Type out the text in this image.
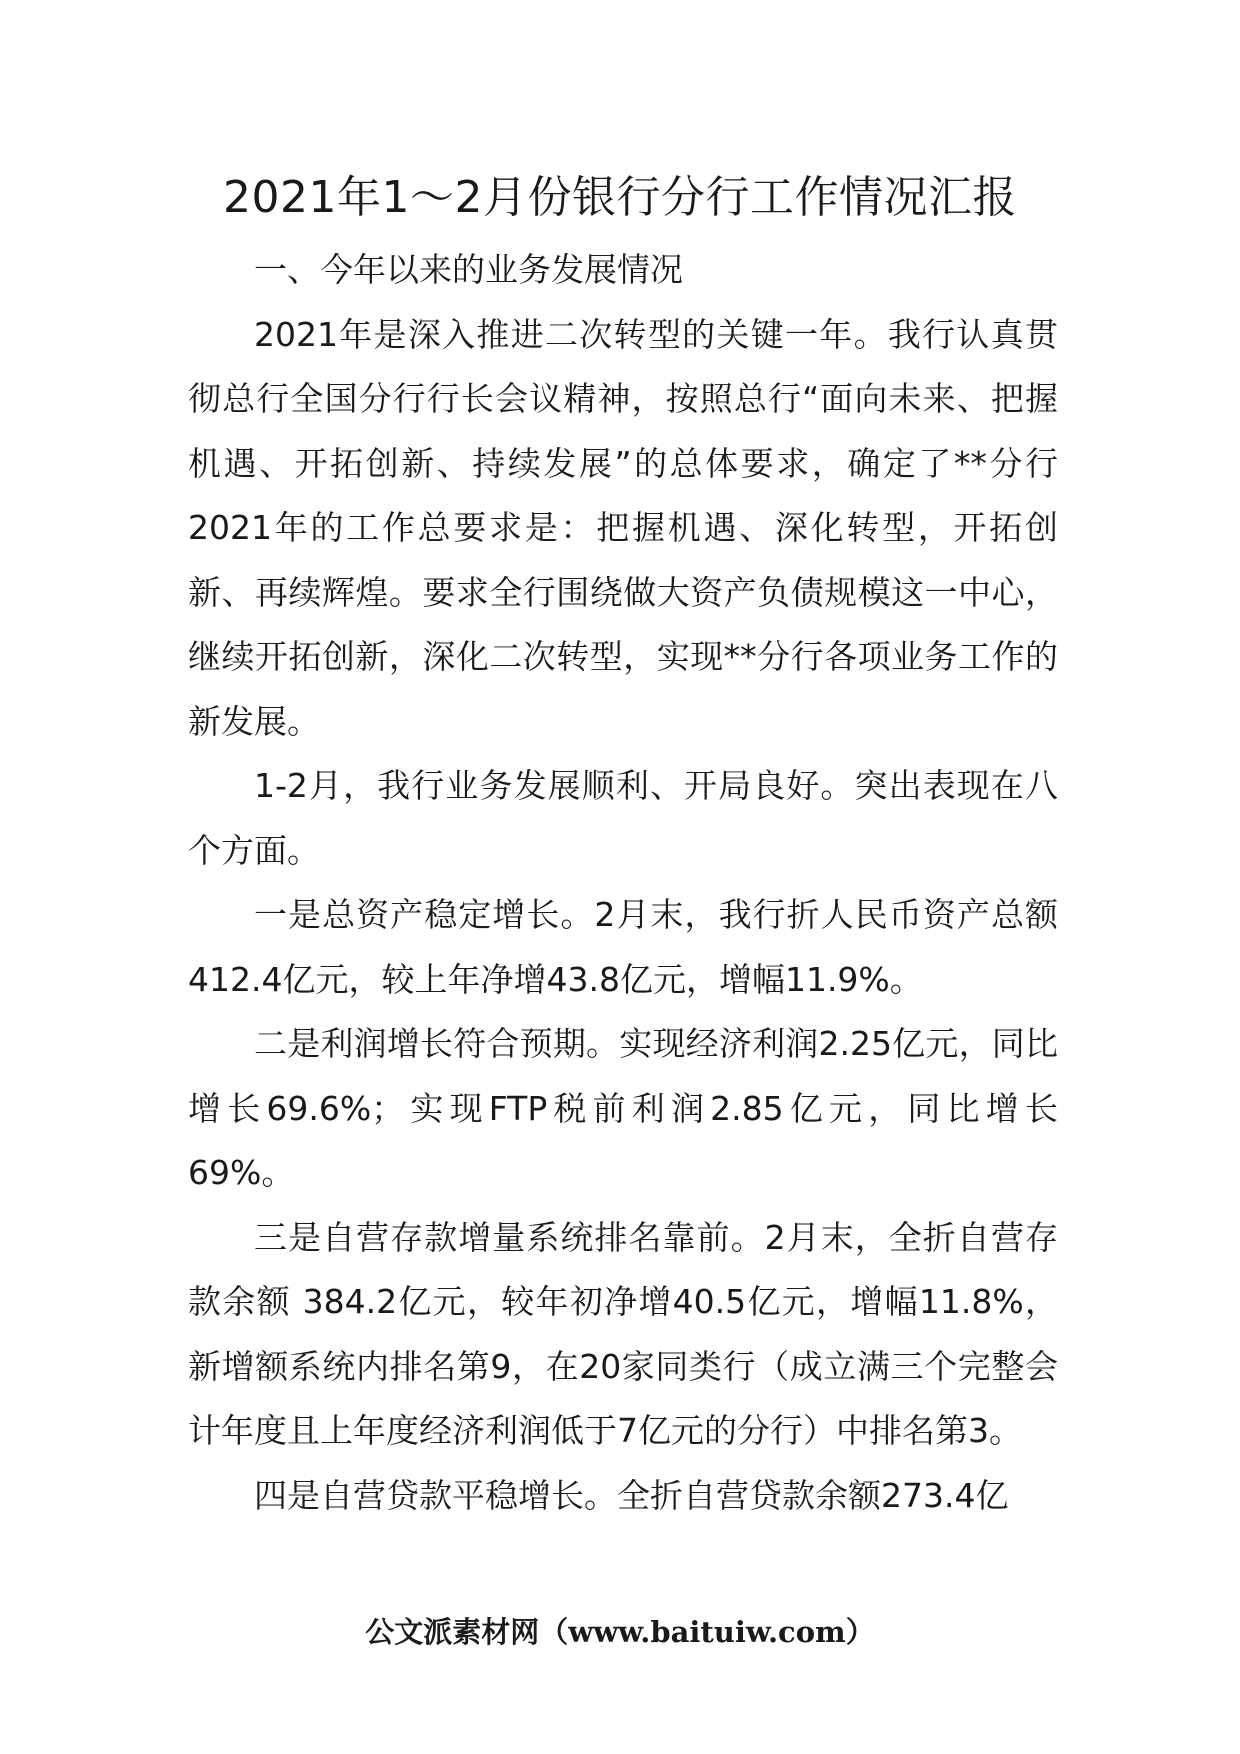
2021年1～2月份银行分行工作情况汇报

一、今年以来的业务发展情况

2021年是深入推进二次转型的关键一年。我行认真贯彻总行全国分行行长会议精神，按照总行“面向未来、把握机遇、开拓创新、持续发展”的总体要求，确定了**分行2021年的工作总要求是：把握机遇、深化转型，开拓创新、再续辉煌。要求全行围绕做大资产负债规模这一中心，继续开拓创新，深化二次转型，实现**分行各项业务工作的新发展。

1-2月，我行业务发展顺利、开局良好。突出表现在八个方面。

一是总资产稳定增长。2月末，我行折人民币资产总额412.4亿元，较上年净增43.8亿元，增幅11.9%。

二是利润增长符合预期。实现经济利润2.25亿元，同比增长69.6%；实现FTP税前利润2.85亿元，同比增长69%。

三是自营存款增量系统排名靠前。2月末，全折自营存款余额 384.2亿元，较年初净增40.5亿元，增幅11.8%，新增额系统内排名第9，在20家同类行（成立满三个完整会计年度且上年度经济利润低于7亿元的分行）中排名第3。

四是自营贷款平稳增长。全折自营贷款余额273.4亿

公文派素材网（www.baituiw.com）
